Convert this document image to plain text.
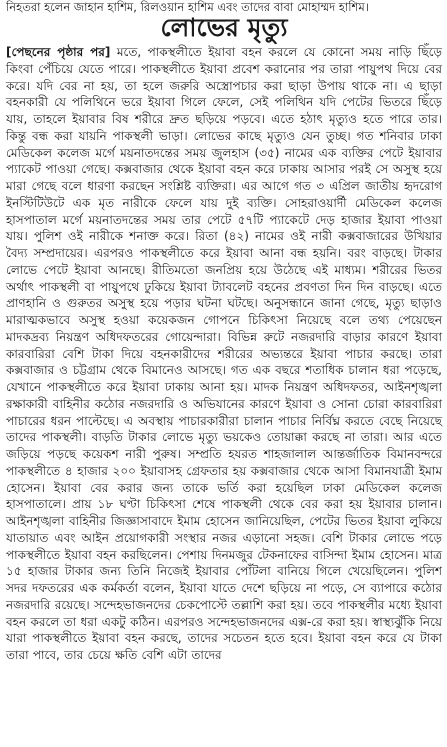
নিহতরা হলেন জাহান হাশিম, রিলওয়ান হাশিম এবং তাদের বাবা মোহাম্মদ হাশিম।
লোভের মৃত্যু

[পেছনের পৃষ্ঠার পর] মতে, পাকস্থলীতে ইয়াবা বহন করলে যে কোনো সময় নাড়ি ছিঁড়ে কিংবা পেঁচিয়ে যেতে পারে। পাকস্থলীতে ইয়াবা প্রবেশ করানোর পর তারা পায়ুপথ দিয়ে বের করে। যদি বের না হয়, তা হলে জরুরি অস্ত্রোপচার করা ছাড়া উপায় থাকে না। এ ছাড়া বহনকারী যে পলিথিনে ভরে ইয়াবা গিলে ফেলে, সেই পলিথিন যদি পেটের ভিতরে ছিঁড়ে যায়, তাহলে ইয়াবার বিষ শরীরে দ্রুত ছড়িয়ে পড়বে। এতে হঠাৎ মৃত্যুও হতে পারে তার। কিন্তু বন্ধ করা যায়নি পাকস্থলী ভাড়া। লোভের কাছে মৃত্যুও যেন তুচ্ছ। গত শনিবার ঢাকা মেডিকেল কলেজ মর্গে ময়নাতদন্তের সময় জুলহাস (৩৫) নামের এক ব্যক্তির পেটে ইয়াবার প্যাকেট পাওয়া গেছে। কক্সবাজার থেকে ইয়াবা বহন করে ঢাকায় আসার পরই সে অসুস্থ হয়ে মারা গেছে বলে ধারণা করছেন সংশ্লিষ্ট ব্যক্তিরা। এর আগে গত ৩ এপ্রিল জাতীয় হৃদরোগ ইনস্টিটিউটে এক মৃত নারীকে ফেলে যায় দুই ব্যক্তি। সোহরাওয়ার্দী মেডিকেল কলেজ হাসপাতাল মর্গে ময়নাতদন্তের সময় তার পেটে ৫৭টি প্যাকেটে দেড় হাজার ইয়াবা পাওয়া যায়। পুলিশ ওই নারীকে শনাক্ত করে। রিতা (৪২) নামের ওই নারী কক্সবাজারের উখিয়ার বৈদ্য সম্প্রদায়ের। এরপরও পাকস্থলীতে করে ইয়াবা আনা বন্ধ হয়নি। বরং বাড়ছে। টাকার লোভে পেটে ইয়াবা আনছে। রীতিমতো জনপ্রিয় হয়ে উঠেছে এই মাধ্যম। শরীরের ভিতর অর্থাৎ পাকস্থলী বা পায়ুপথে ঢুকিয়ে ইয়াবা ট্যাবলেট বহনের প্রবণতা দিন দিন বাড়ছে। এতে প্রাণহানি ও গুরুতর অসুস্থ হয়ে পড়ার ঘটনা ঘটছে। অনুসন্ধানে জানা গেছে, মৃত্যু ছাড়াও মারাত্মকভাবে অসুস্থ হওয়া কয়েকজন গোপনে চিকিৎসা নিয়েছে বলে তথ্য পেয়েছেন মাদকদ্রব্য নিয়ন্ত্রণ অধিদফতরের গোয়েন্দারা। বিভিন্ন রুটে নজরদারি বাড়ার কারণে ইয়াবা কারবারিরা বেশি টাকা দিয়ে বহনকারীদের শরীরের অভ্যন্তরে ইয়াবা পাচার করছে। তারা কক্সবাজার ও চট্টগ্রাম থেকে বিমানেও আসছে। গত এক বছরে শতাধিক চালান ধরা পড়েছে, যেখানে পাকস্থলীতে করে ইয়াবা ঢাকায় আনা হয়। মাদক নিয়ন্ত্রণ অধিদফতর, আইনশৃঙ্খলা রক্ষাকারী বাহিনীর কঠোর নজরদারি ও অভিযানের কারণে ইয়াবা ও সোনা চোরা কারবারিরা পাচারের ধরন পাল্টেছে। এ অবস্থায় পাচারকারীরা চালান পাচার নির্বিঘ্ন করতে বেছে নিয়েছে তাদের পাকস্থলী। বাড়তি টাকার লোভে মৃত্যু ভয়কেও তোয়াক্কা করছে না তারা। আর এতে জড়িয়ে পড়ছে কয়েকশ নারী পুরুষ। সম্প্রতি হযরত শাহজালাল আন্তর্জাতিক বিমানবন্দরে পাকস্থলীতে ৪ হাজার ২০০ ইয়াবাসহ গ্রেফতার হয় কক্সবাজার থেকে আসা বিমানযাত্রী ইমাম হোসেন। ইয়াবা বের করার জন্য তাকে ভর্তি করা হয়েছিল ঢাকা মেডিকেল কলেজ হাসপাতালে। প্রায় ১৮ ঘণ্টা চিকিৎসা শেষে পাকস্থলী থেকে বের করা হয় ইয়াবার চালান। আইনশৃঙ্খলা বাহিনীর জিজ্ঞাসাবাদে ইমাম হোসেন জানিয়েছিল, পেটের ভিতর ইয়াবা লুকিয়ে যাতায়াত এবং আইন প্রয়োগকারী সংস্থার নজর এড়ানো সহজ। বেশি টাকার লোভে পড়ে পাকস্থলীতে ইয়াবা বহন করছিলেন। পেশায় দিনমজুর টেকনাফের বাসিন্দা ইমাম হোসেন। মাত্র ১৫ হাজার টাকার জন্য তিনি নিজেই ইয়াবার পোঁটলা বানিয়ে গিলে খেয়েছিলেন। পুলিশ সদর দফতরের এক কর্মকর্তা বলেন, ইয়াবা যাতে দেশে ছড়িয়ে না পড়ে, সে ব্যাপারে কঠোর নজরদারি রয়েছে। সন্দেহভাজনদের চেকপোস্টে তল্লাশি করা হয়। তবে পাকস্থলীর মধ্যে ইয়াবা বহন করলে তা ধরা একটু কঠিন। এরপরও সন্দেহভাজনদের এক্স-রে করা হয়। স্বাস্থ্যঝুঁকি নিয়ে যারা পাকস্থলীতে ইয়াবা বহন করছে, তাদের সচেতন হতে হবে। ইয়াবা বহন করে যে টাকা তারা পাবে, তার চেয়ে ক্ষতি বেশি এটা তাদের
